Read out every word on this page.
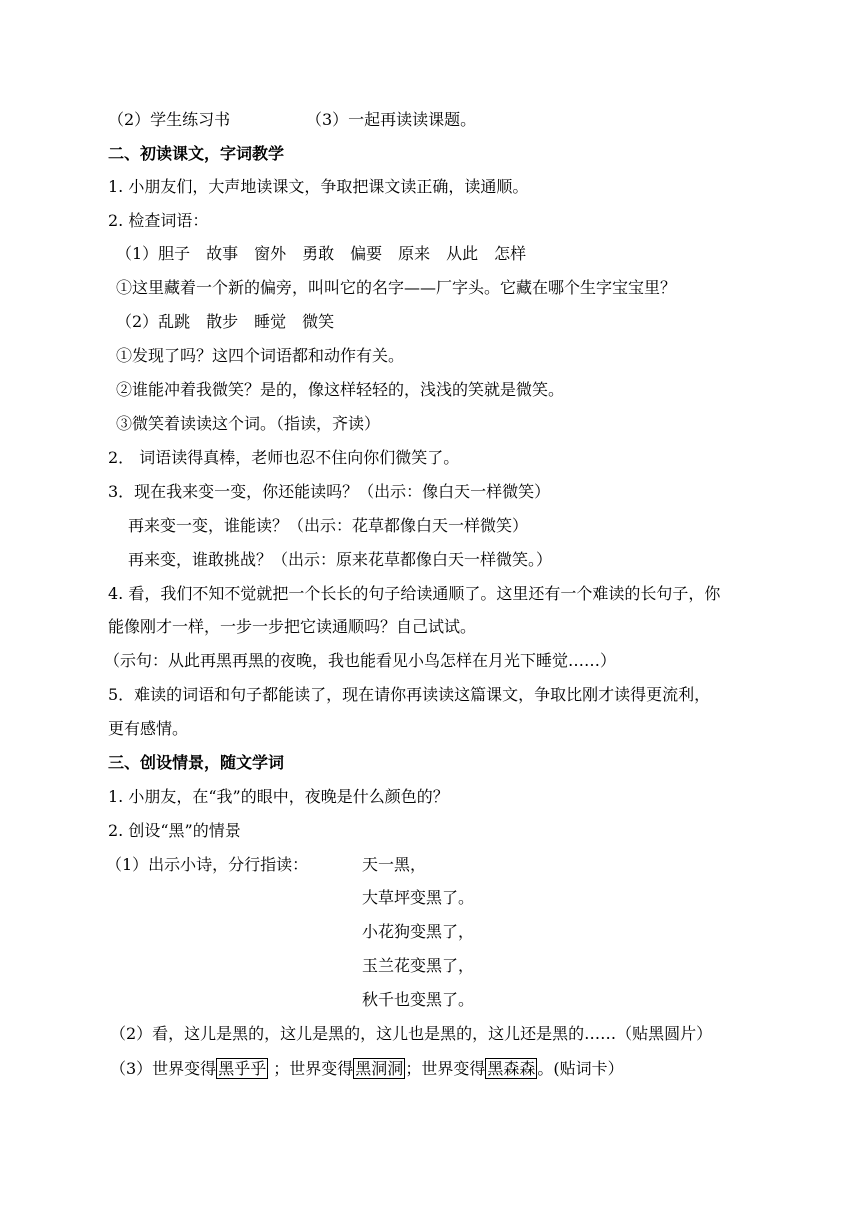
（2）学生练习书	（3）一起再读读课题。
二、初读课文，字词教学
1. 小朋友们，大声地读课文，争取把课文读正确，读通顺。
2. 检查词语：
（1）胆子　故事　窗外　勇敢　偏要　原来　从此　怎样
①这里藏着一个新的偏旁，叫叫它的名字——厂字头。它藏在哪个生字宝宝里？
（2）乱跳　散步　睡觉　微笑
①发现了吗？这四个词语都和动作有关。
②谁能冲着我微笑？是的，像这样轻轻的，浅浅的笑就是微笑。
③微笑着读读这个词。（指读，齐读）
2． 词语读得真棒，老师也忍不住向你们微笑了。
3．现在我来变一变，你还能读吗？（出示：像白天一样微笑）
再来变一变，谁能读？（出示：花草都像白天一样微笑）
再来变，谁敢挑战？（出示：原来花草都像白天一样微笑。）
4. 看，我们不知不觉就把一个长长的句子给读通顺了。这里还有一个难读的长句子，你
能像刚才一样，一步一步把它读通顺吗？自己试试。
（示句：从此再黑再黑的夜晚，我也能看见小鸟怎样在月光下睡觉……）
5．难读的词语和句子都能读了，现在请你再读读这篇课文，争取比刚才读得更流利，
更有感情。
三、创设情景，随文学词
1. 小朋友，在“我”的眼中，夜晚是什么颜色的？
2. 创设“黑”的情景
（1）出示小诗，分行指读：	天一黑，
大草坪变黑了。
小花狗变黑了，
玉兰花变黑了，
秋千也变黑了。
（2）看，这儿是黑的，这儿是黑的，这儿也是黑的，这儿还是黑的……（贴黑圆片）
（3）世界变得 黑乎乎 ；世界变得 黑洞洞 ；世界变得 黑森森 。(贴词卡）
